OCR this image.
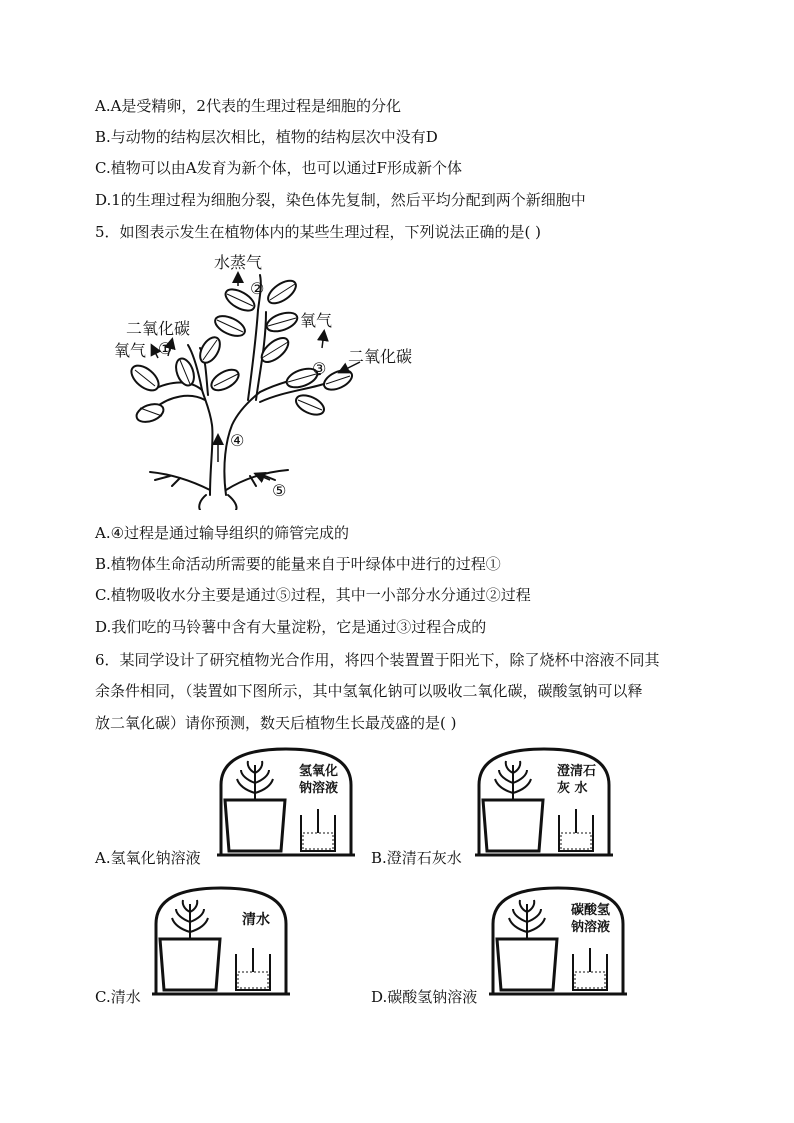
A.A是受精卵，2代表的生理过程是细胞的分化

B.与动物的结构层次相比，植物的结构层次中没有D

C.植物可以由A发育为新个体，也可以通过F形成新个体

D.1的生理过程为细胞分裂，染色体先复制，然后平均分配到两个新细胞中

5．如图表示发生在植物体内的某些生理过程，下列说法正确的是( )

水蒸气
②
二氧化碳
氧气 ①
氧气
二氧化碳
③
④
⑤

A.④过程是通过输导组织的筛管完成的

B.植物体生命活动所需要的能量来自于叶绿体中进行的过程①

C.植物吸收水分主要是通过⑤过程，其中一小部分水分通过②过程

D.我们吃的马铃薯中含有大量淀粉，它是通过③过程合成的

6．某同学设计了研究植物光合作用，将四个装置置于阳光下，除了烧杯中溶液不同其

余条件相同，（装置如下图所示，其中氢氧化钠可以吸收二氧化碳，碳酸氢钠可以释

放二氧化碳）请你预测，数天后植物生长最茂盛的是( )

氢氧化
钠溶液
A.氢氧化钠溶液
澄清石
灰 水
B.澄清石灰水
清水
C.清水
碳酸氢
钠溶液
D.碳酸氢钠溶液
